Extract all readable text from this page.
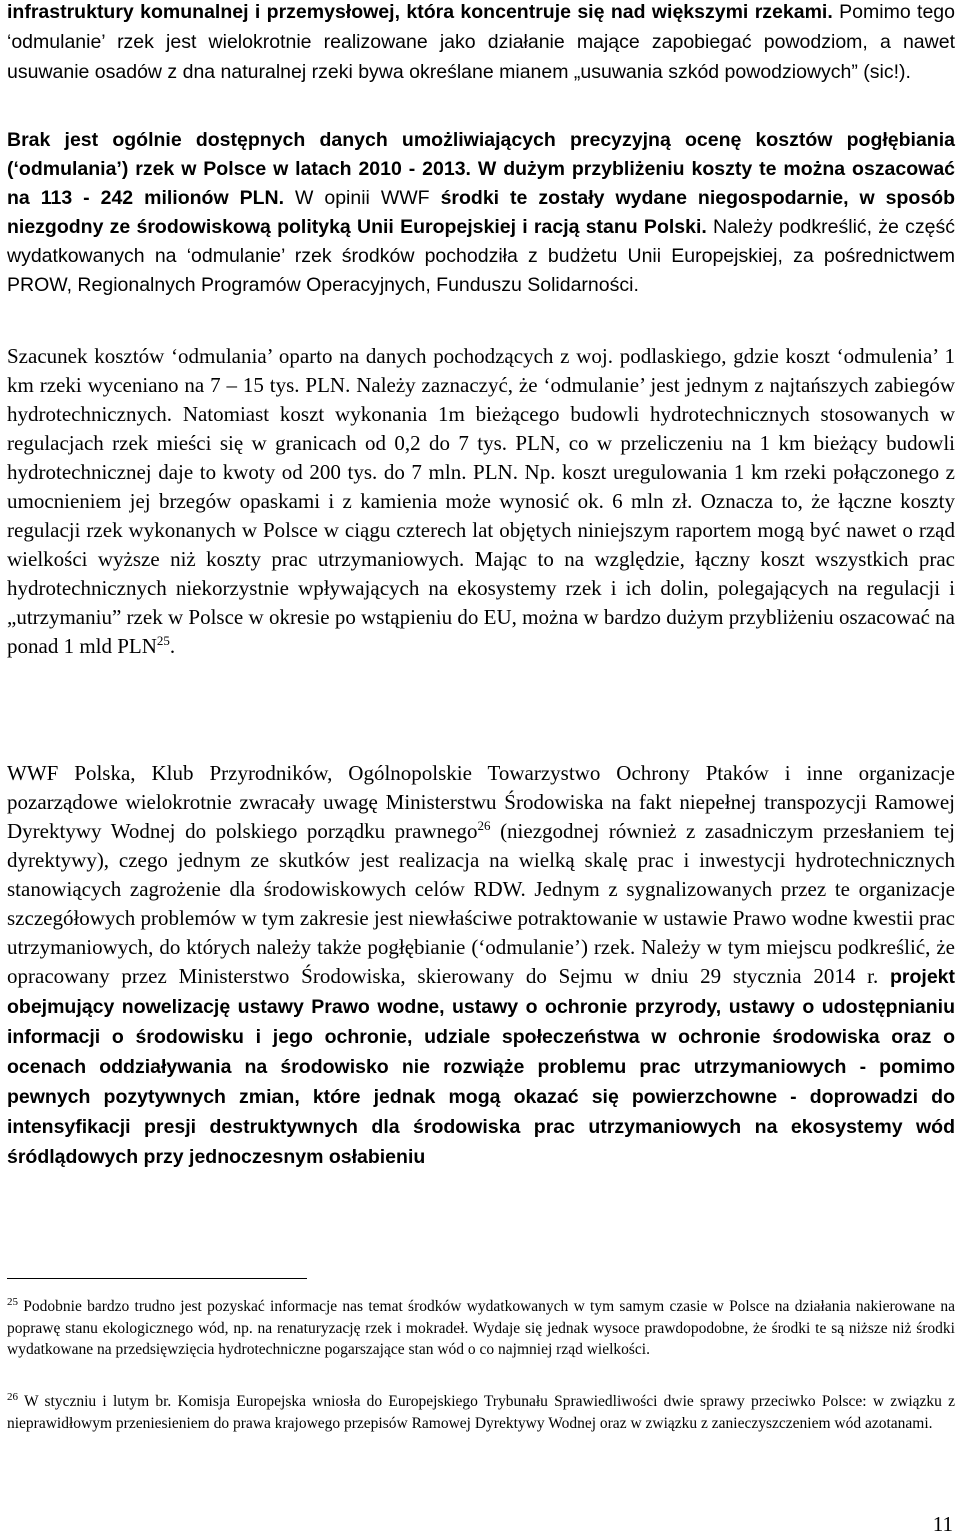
infrastruktury komunalnej i przemysłowej, która koncentruje się nad większymi rzekami. Pomimo tego ‘odmulanie’ rzek jest wielokrotnie realizowane jako działanie mające zapobiegać powodziom, a nawet usuwanie osadów z dna naturalnej rzeki bywa określane mianem „usuwania szkód powodziowych” (sic!).

Brak jest ogólnie dostępnych danych umożliwiających precyzyjną ocenę kosztów pogłębiania (‘odmulania’) rzek w Polsce w latach 2010 - 2013. W dużym przybliżeniu koszty te można oszacować na 113 - 242 milionów PLN. W opinii WWF środki te zostały wydane niegospodarnie, w sposób niezgodny ze środowiskową polityką Unii Europejskiej i racją stanu Polski. Należy podkreślić, że część wydatkowanych na ‘odmulanie’ rzek środków pochodziła z budżetu Unii Europejskiej, za pośrednictwem PROW, Regionalnych Programów Operacyjnych, Funduszu Solidarności.

Szacunek kosztów ‘odmulania’ oparto na danych pochodzących z woj. podlaskiego, gdzie koszt ‘odmulenia’ 1 km rzeki wyceniano na 7 – 15 tys. PLN. Należy zaznaczyć, że ‘odmulanie’ jest jednym z najtańszych zabiegów hydrotechnicznych. Natomiast koszt wykonania 1m bieżącego budowli hydrotechnicznych stosowanych w regulacjach rzek mieści się w granicach od 0,2 do 7 tys. PLN, co w przeliczeniu na 1 km bieżący budowli hydrotechnicznej daje to kwoty od 200 tys. do 7 mln. PLN. Np. koszt uregulowania 1 km rzeki połączonego z umocnieniem jej brzegów opaskami i z kamienia może wynosić ok. 6 mln zł. Oznacza to, że łączne koszty regulacji rzek wykonanych w Polsce w ciągu czterech lat objętych niniejszym raportem mogą być nawet o rząd wielkości wyższe niż koszty prac utrzymaniowych. Mając to na względzie, łączny koszt wszystkich prac hydrotechnicznych niekorzystnie wpływających na ekosystemy rzek i ich dolin, polegających na regulacji i „utrzymaniu” rzek w Polsce w okresie po wstąpieniu do EU, można w bardzo dużym przybliżeniu oszacować na ponad 1 mld PLN$^{25}$.

WWF Polska, Klub Przyrodników, Ogólnopolskie Towarzystwo Ochrony Ptaków i inne organizacje pozarządowe wielokrotnie zwracały uwagę Ministerstwu Środowiska na fakt niepełnej transpozycji Ramowej Dyrektywy Wodnej do polskiego porządku prawnego$^{26}$ (niezgodnej również z zasadniczym przesłaniem tej dyrektywy), czego jednym ze skutków jest realizacja na wielką skalę prac i inwestycji hydrotechnicznych stanowiących zagrożenie dla środowiskowych celów RDW. Jednym z sygnalizowanych przez te organizacje szczegółowych problemów w tym zakresie jest niewłaściwe potraktowanie w ustawie Prawo wodne kwestii prac utrzymaniowych, do których należy także pogłębianie (‘odmulanie’) rzek. Należy w tym miejscu podkreślić, że opracowany przez Ministerstwo Środowiska, skierowany do Sejmu w dniu 29 stycznia 2014 r. projekt obejmujący nowelizację ustawy Prawo wodne, ustawy o ochronie przyrody, ustawy o udostępnianiu informacji o środowisku i jego ochronie, udziale społeczeństwa w ochronie środowiska oraz o ocenach oddziaływania na środowisko nie rozwiąże problemu prac utrzymaniowych - pomimo pewnych pozytywnych zmian, które jednak mogą okazać się powierzchowne - doprowadzi do intensyfikacji presji destruktywnych dla środowiska prac utrzymaniowych na ekosystemy wód śródlądowych przy jednoczesnym osłabieniu

$^{25}$ Podobnie bardzo trudno jest pozyskać informacje nas temat środków wydatkowanych w tym samym czasie w Polsce na działania nakierowane na poprawę stanu ekologicznego wód, np. na renaturyzację rzek i mokradeł. Wydaje się jednak wysoce prawdopodobne, że środki te są niższe niż środki wydatkowane na przedsięwzięcia hydrotechniczne pogarszające stan wód o co najmniej rząd wielkości.

$^{26}$ W styczniu i lutym br. Komisja Europejska wniosła do Europejskiego Trybunału Sprawiedliwości dwie sprawy przeciwko Polsce: w związku z nieprawidłowym przeniesieniem do prawa krajowego przepisów Ramowej Dyrektywy Wodnej oraz w związku z zanieczyszczeniem wód azotanami.

11
